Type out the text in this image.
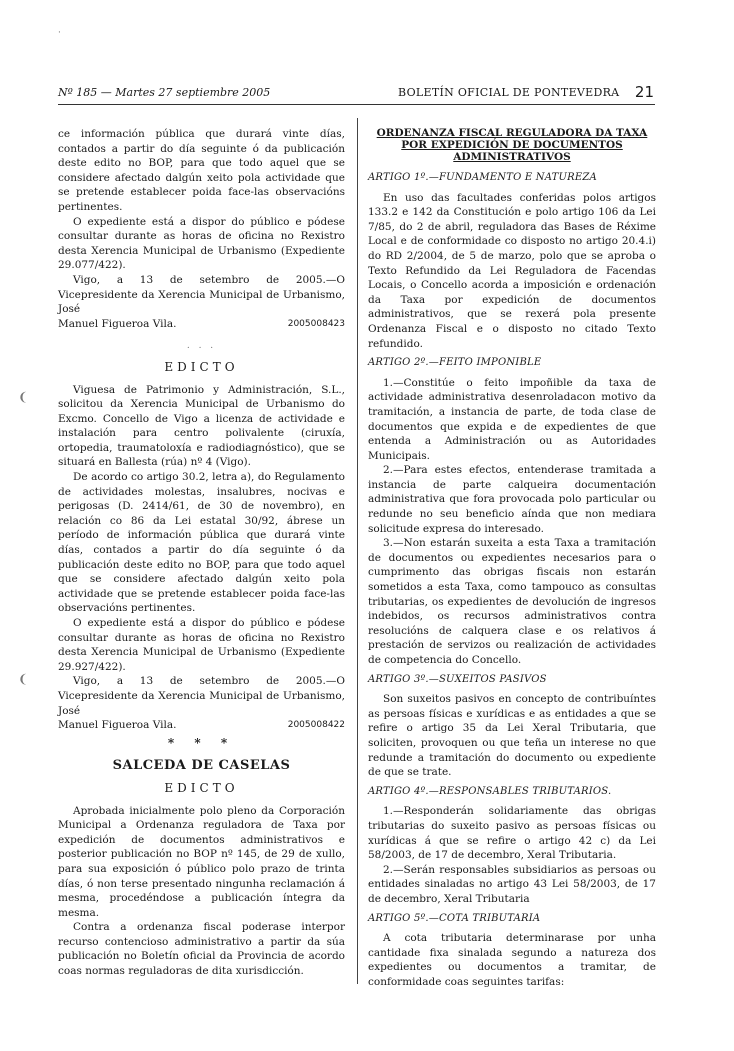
Nº 185 — Martes 27 septiembre 2005	BOLETÍN OFICIAL DE PONTEVEDRA 21
·
❨
❨

ce información pública que durará vinte días, contados a partir do día seguinte ó da publicación deste edito no BOP, para que todo aquel que se considere afectado dalgún xeito pola actividade que se pretende establecer poida face-las observacións pertinentes.

O expediente está a dispor do público e pódese consultar durante as horas de oficina no Rexistro desta Xerencia Municipal de Urbanismo (Expediente 29.077/422).

Vigo, a 13 de setembro de 2005.—O Vicepresidente da Xerencia Municipal de Urbanismo, José

Manuel Figueroa Vila.	2005008423
. . .
EDICTO

Viguesa de Patrimonio y Administración, S.L., solicitou da Xerencia Municipal de Urbanismo do Excmo. Concello de Vigo a licenza de actividade e instalación para centro polivalente (ciruxía, ortopedia, traumatoloxía e radiodiagnóstico), que se situará en Ballesta (rúa) nº 4 (Vigo).

De acordo co artigo 30.2, letra a), do Regulamento de actividades molestas, insalubres, nocivas e perigosas (D. 2414/61, de 30 de novembro), en relación co 86 da Lei estatal 30/92, ábrese un período de información pública que durará vinte días, contados a partir do día seguinte ó da publicación deste edito no BOP, para que todo aquel que se considere afectado dalgún xeito pola actividade que se pretende establecer poida face-las observacións pertinentes.

O expediente está a dispor do público e pódese consultar durante as horas de oficina no Rexistro desta Xerencia Municipal de Urbanismo (Expediente 29.927/422).

Vigo, a 13 de setembro de 2005.—O Vicepresidente da Xerencia Municipal de Urbanismo, José

Manuel Figueroa Vila.	2005008422
* * *
SALCEDA DE CASELAS
EDICTO

Aprobada inicialmente polo pleno da Corporación Municipal a Ordenanza reguladora de Taxa por expedición de documentos administrativos e posterior publicación no BOP nº 145, de 29 de xullo, para sua exposición ó público polo prazo de trinta días, ó non terse presentado ningunha reclamación á mesma, procedéndose a publicación íntegra da mesma.

Contra a ordenanza fiscal poderase interpor recurso contencioso administrativo a partir da súa publicación no Boletín oficial da Provincia de acordo coas normas reguladoras de dita xurisdicción.

ORDENANZA FISCAL REGULADORA DA TAXA POR EXPEDICIÓN DE DOCUMENTOS ADMINISTRATIVOS
ARTIGO 1º.—FUNDAMENTO E NATUREZA

En uso das facultades conferidas polos artigos 133.2 e 142 da Constitución e polo artigo 106 da Lei 7/85, do 2 de abril, reguladora das Bases de Réxime Local e de conformidade co disposto no artigo 20.4.i) do RD 2/2004, de 5 de marzo, polo que se aproba o Texto Refundido da Lei Reguladora de Facendas Locais, o Concello acorda a imposición e ordenación da Taxa por expedición de documentos administrativos, que se rexerá pola presente Ordenanza Fiscal e o disposto no citado Texto refundido.

ARTIGO 2º.—FEITO IMPONIBLE

1.—Constitúe o feito impoñible da taxa de actividade administrativa desenroladacon motivo da tramitación, a instancia de parte, de toda clase de documentos que expida e de expedientes de que entenda a Administración ou as Autoridades Municipais.

2.—Para estes efectos, entenderase tramitada a instancia de parte calqueira documentación administrativa que fora provocada polo particular ou redunde no seu beneficio aínda que non mediara solicitude expresa do interesado.

3.—Non estarán suxeita a esta Taxa a tramitación de documentos ou expedientes necesarios para o cumprimento das obrigas fiscais non estarán sometidos a esta Taxa, como tampouco as consultas tributarias, os expedientes de devolución de ingresos indebidos, os recursos administrativos contra resolucións de calquera clase e os relativos á prestación de servizos ou realización de actividades de competencia do Concello.

ARTIGO 3º.—SUXEITOS PASIVOS

Son suxeitos pasivos en concepto de contribuíntes as persoas físicas e xurídicas e as entidades a que se refire o artigo 35 da Lei Xeral Tributaria, que soliciten, provoquen ou que teña un interese no que redunde a tramitación do documento ou expediente de que se trate.

ARTIGO 4º.—RESPONSABLES TRIBUTARIOS.

1.—Responderán solidariamente das obrigas tributarias do suxeito pasivo as persoas físicas ou xurídicas á que se refire o artigo 42 c) da Lei 58/2003, de 17 de decembro, Xeral Tributaria.

2.—Serán responsables subsidiarios as persoas ou entidades sinaladas no artigo 43 Lei 58/2003, de 17 de decembro, Xeral Tributaria

ARTIGO 5º.—COTA TRIBUTARIA

A cota tributaria determinarase por unha cantidade fixa sinalada segundo a natureza dos expedientes ou documentos a tramitar, de conformidade coas seguintes tarifas:
